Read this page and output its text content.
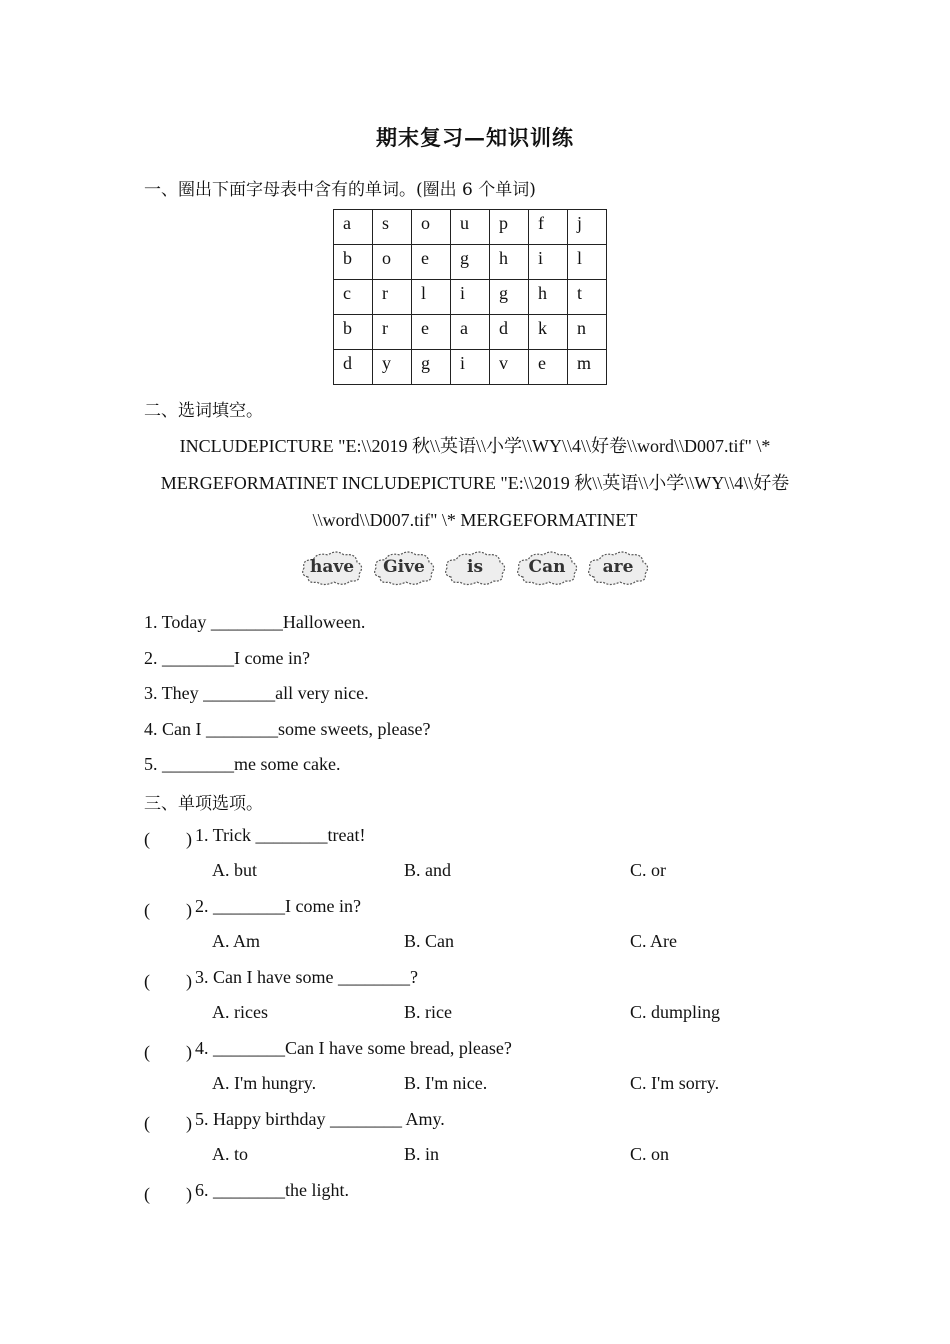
期末复习—知识训练
一、圈出下面字母表中含有的单词。(圈出 6 个单词)
a	s	o	u	p	f	j
b	o	e	g	h	i	l
c	r	l	i	g	h	t
b	r	e	a	d	k	n
d	y	g	i	v	e	m
二、选词填空。
INCLUDEPICTURE "E:\\2019 秋\\英语\\小学\\WY\\4\\好卷\\word\\D007.tif" \* MERGEFORMATINET INCLUDEPICTURE "E:\\2019 秋\\英语\\小学\\WY\\4\\好卷\\word\\D007.tif" \* MERGEFORMATINET
have	Give	is	Can	are
1. Today ________Halloween.
2. ________I come in?
3. They ________all very nice.
4. Can I ________some sweets, please?
5. ________me some cake.
三、单项选项。
(　　) 1. Trick ________treat!
A. but	B. and	C. or
(　　) 2. ________I come in?
A. Am	B. Can	C. Are
(　　) 3. Can I have some ________?
A. rices	B. rice	C. dumpling
(　　) 4. ________Can I have some bread, please?
A. I'm hungry.	B. I'm nice.	C. I'm sorry.
(　　) 5. Happy birthday ________ Amy.
A. to	B. in	C. on
(　　) 6. ________the light.
